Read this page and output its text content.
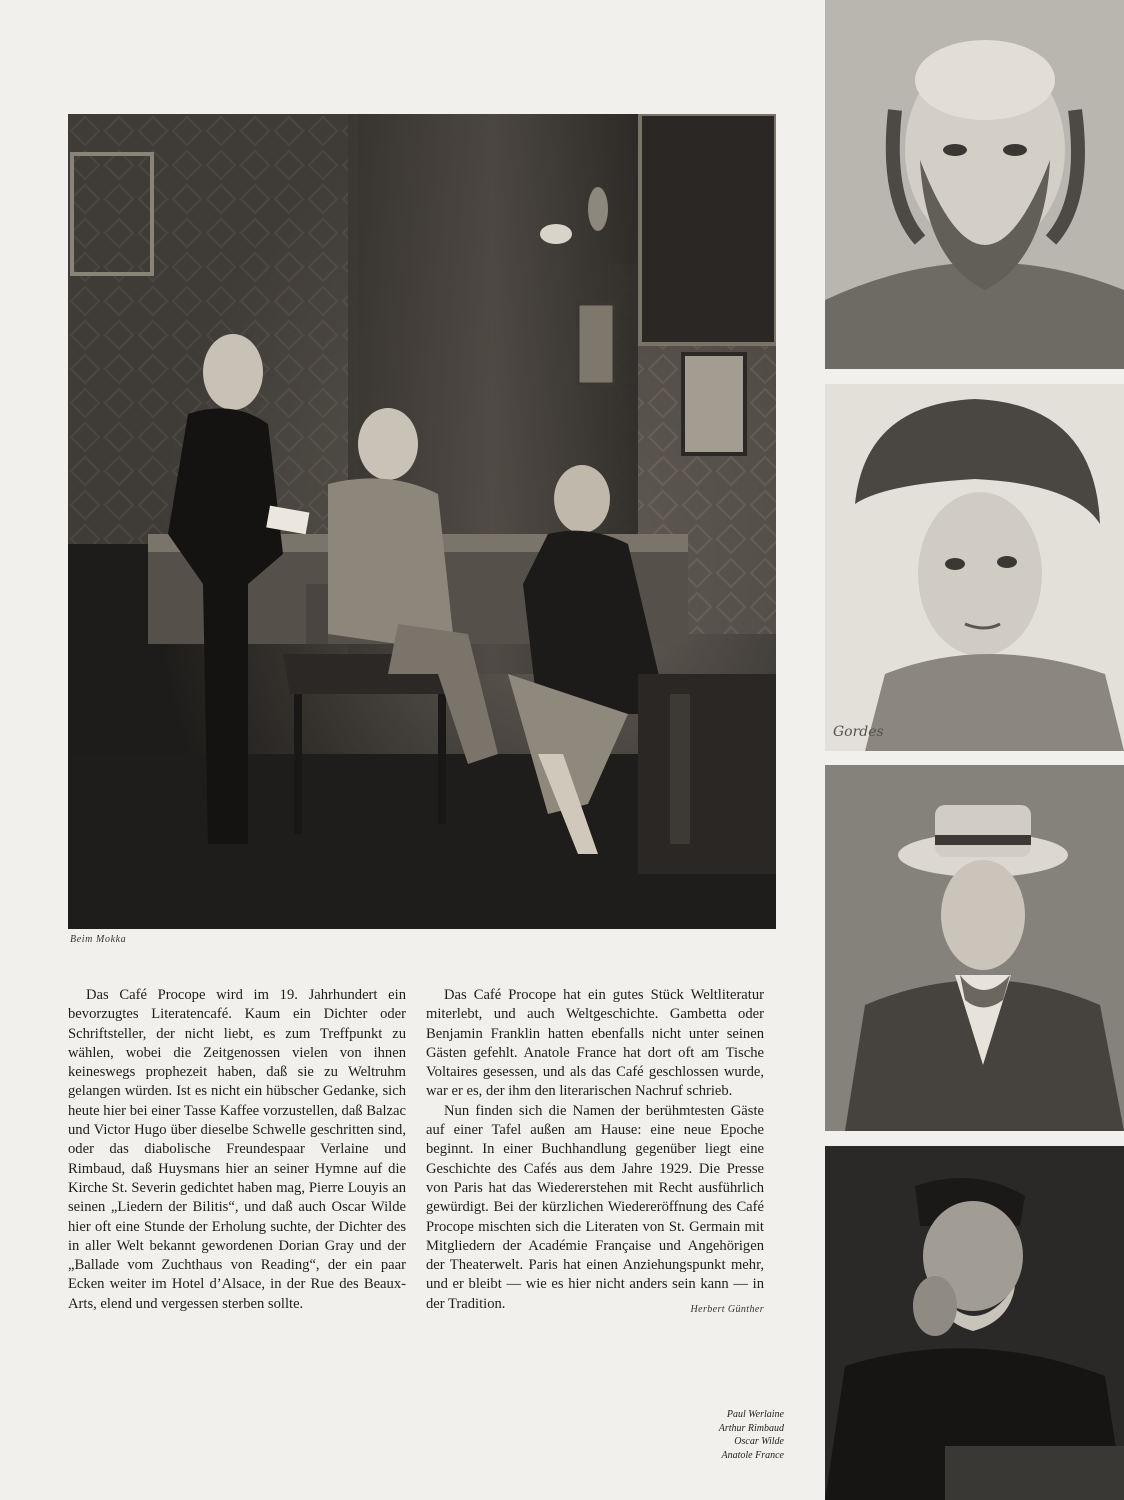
Beim Mokka

Das Café Procope wird im 19. Jahrhundert ein bevorzugtes Literatencafé. Kaum ein Dichter oder Schriftsteller, der nicht liebt, es zum Treffpunkt zu wählen, wobei die Zeitgenossen vielen von ihnen keineswegs prophezeit haben, daß sie zu Weltruhm gelangen würden. Ist es nicht ein hübscher Gedanke, sich heute hier bei einer Tasse Kaffee vorzustellen, daß Balzac und Victor Hugo über dieselbe Schwelle geschritten sind, oder das diabolische Freundespaar Verlaine und Rimbaud, daß Huysmans hier an seiner Hymne auf die Kirche St. Severin gedichtet haben mag, Pierre Louyis an seinen „Liedern der Bilitis“, und daß auch Oscar Wilde hier oft eine Stunde der Erholung suchte, der Dichter des in aller Welt bekannt gewordenen Dorian Gray und der „Ballade vom Zuchthaus von Reading“, der ein paar Ecken weiter im Hotel d’Alsace, in der Rue des Beaux-Arts, elend und vergessen sterben sollte.

Das Café Procope hat ein gutes Stück Weltliteratur miterlebt, und auch Weltgeschichte. Gambetta oder Benjamin Franklin hatten ebenfalls nicht unter seinen Gästen gefehlt. Anatole France hat dort oft am Tische Voltaires gesessen, und als das Café geschlossen wurde, war er es, der ihm den literarischen Nachruf schrieb.

Nun finden sich die Namen der berühmtesten Gäste auf einer Tafel außen am Hause: eine neue Epoche beginnt. In einer Buchhandlung gegenüber liegt eine Geschichte des Cafés aus dem Jahre 1929. Die Presse von Paris hat das Wiedererstehen mit Recht ausführlich gewürdigt. Bei der kürzlichen Wiedereröffnung des Café Procope mischten sich die Literaten von St. Germain mit Mitgliedern der Académie Française und Angehörigen der Theaterwelt. Paris hat einen Anziehungspunkt mehr, und er bleibt — wie es hier nicht anders sein kann — in der Tradition.	Herbert Günther

Gordes
Paul Werlaine
Arthur Rimbaud
Oscar Wilde
Anatole France
